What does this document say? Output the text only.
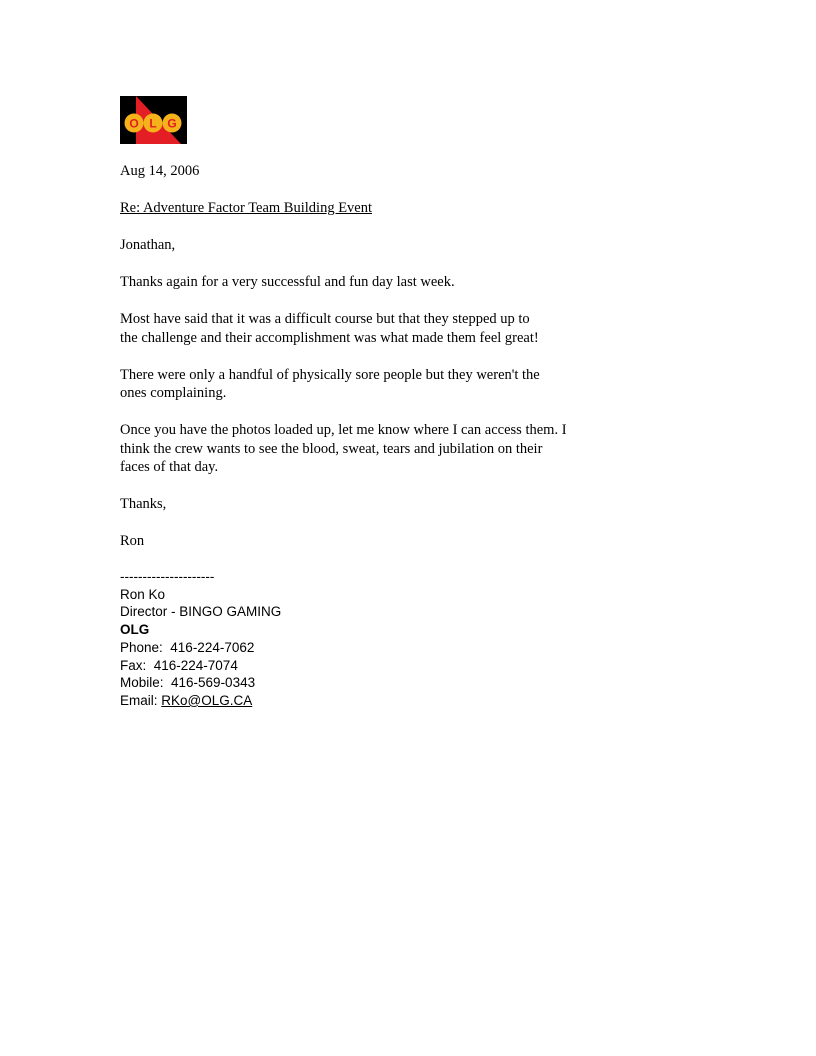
O L G

Aug 14, 2006

Re: Adventure Factor Team Building Event

Jonathan,

Thanks again for a very successful and fun day last week.

Most have said that it was a difficult course but that they stepped up to
the challenge and their accomplishment was what made them feel great!

There were only a handful of physically sore people but they weren't the
ones complaining.

Once you have the photos loaded up, let me know where I can access them. I
think the crew wants to see the blood, sweat, tears and jubilation on their
faces of that day.

Thanks,

Ron

---------------------
Ron Ko
Director - BINGO GAMING
OLG
Phone:  416-224-7062
Fax:  416-224-7074
Mobile:  416-569-0343
Email: RKo@OLG.CA
